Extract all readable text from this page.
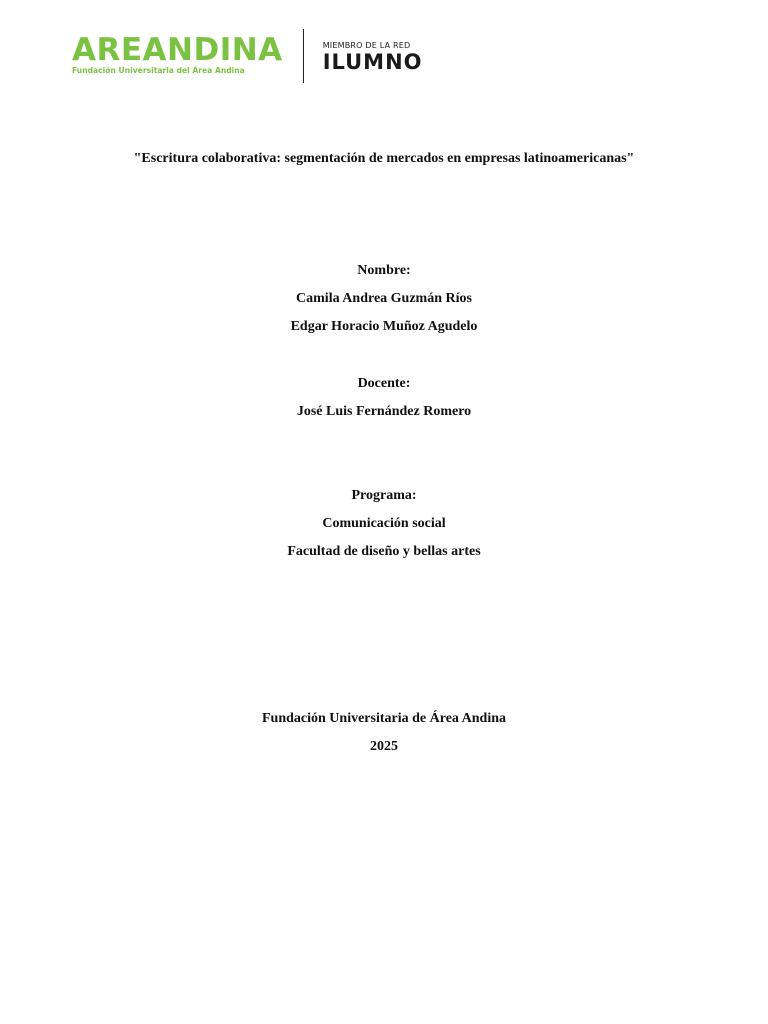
AREANDINA
Fundación Universitaria del Área Andina
MIEMBRO DE LA RED
ILUMNO
"Escritura colaborativa: segmentación de mercados en empresas latinoamericanas"
Nombre:
Camila Andrea Guzmán Ríos
Edgar Horacio Muñoz Agudelo
Docente:
José Luis Fernández Romero
Programa:
Comunicación social
Facultad de diseño y bellas artes
Fundación Universitaria de Área Andina
2025
